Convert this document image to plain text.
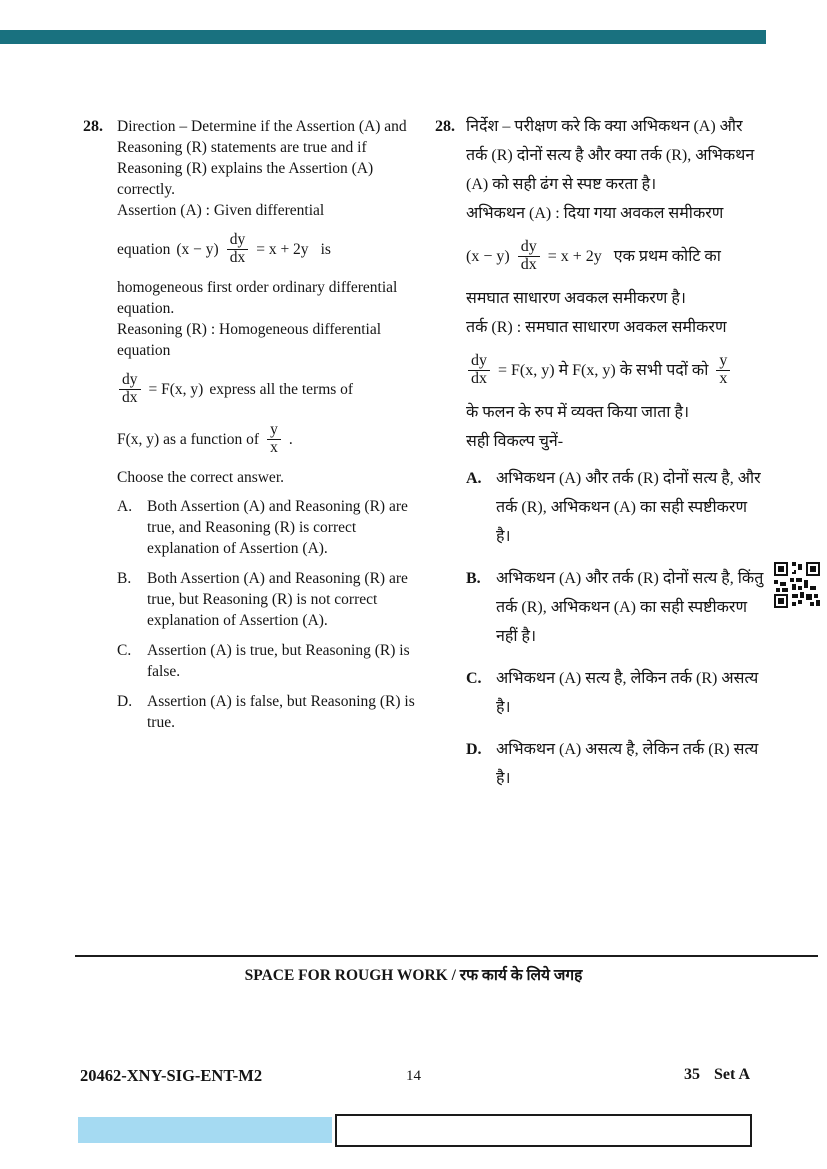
28. Direction – Determine if the Assertion (A) and Reasoning (R) statements are true and if Reasoning (R) explains the Assertion (A) correctly.

Assertion (A) : Given differential

equation $(x - y) \frac{dy}{dx} = x + 2y$ is

homogeneous first order ordinary differential equation.

Reasoning (R) : Homogeneous differential equation

$\frac{dy}{dx} = F(x$, y) express all the terms of
F(x, y) as a function of $\frac{y}{x}$ .

Choose the correct answer.

A. Both Assertion (A) and Reasoning (R) are true, and Reasoning (R) is correct explanation of Assertion (A).
B.	Both Assertion (A) and Reasoning (R) are true, but Reasoning (R) is not correct explanation of Assertion (A).
C.	Assertion (A) is true, but Reasoning (R) is false.
D. Assertion (A) is false, but Reasoning (R) is true.
28. निर्देश – परीक्षण करे कि क्या अभिकथन (A) और तर्क (R) दोनों सत्य है और क्या तर्क (R), अभिकथन (A) को सही ढंग से स्पष्ट करता है।

अभिकथन (A) : दिया गया अवकल समीकरण

$(x - y) \frac{dy}{dx} = x + 2y$ एक प्रथम कोटि का

समघात साधारण अवकल समीकरण है।

तर्क (R) : समघात साधारण अवकल समीकरण

$\frac{dy}{dx} = F(x$, y) मे F(x, y) के सभी पदों को $\frac{y}{x}$

के फलन के रुप में व्यक्त किया जाता है।

सही विकल्प चुनें-

A. अभिकथन (A) और तर्क (R) दोनों सत्य है, और तर्क (R), अभिकथन (A) का सही स्पष्टीकरण है।
B. अभिकथन (A) और तर्क (R) दोनों सत्य है, किंतु तर्क (R), अभिकथन (A) का सही स्पष्टीकरण नहीं है।
C. अभिकथन (A) सत्य है, लेकिन तर्क (R) असत्य है।
D. अभिकथन (A) असत्य है, लेकिन तर्क (R) सत्य है।
SPACE FOR ROUGH WORK / रफ कार्य के लिये जगह
14
20462-XNY-SIG-ENT-M2	35 Set A
